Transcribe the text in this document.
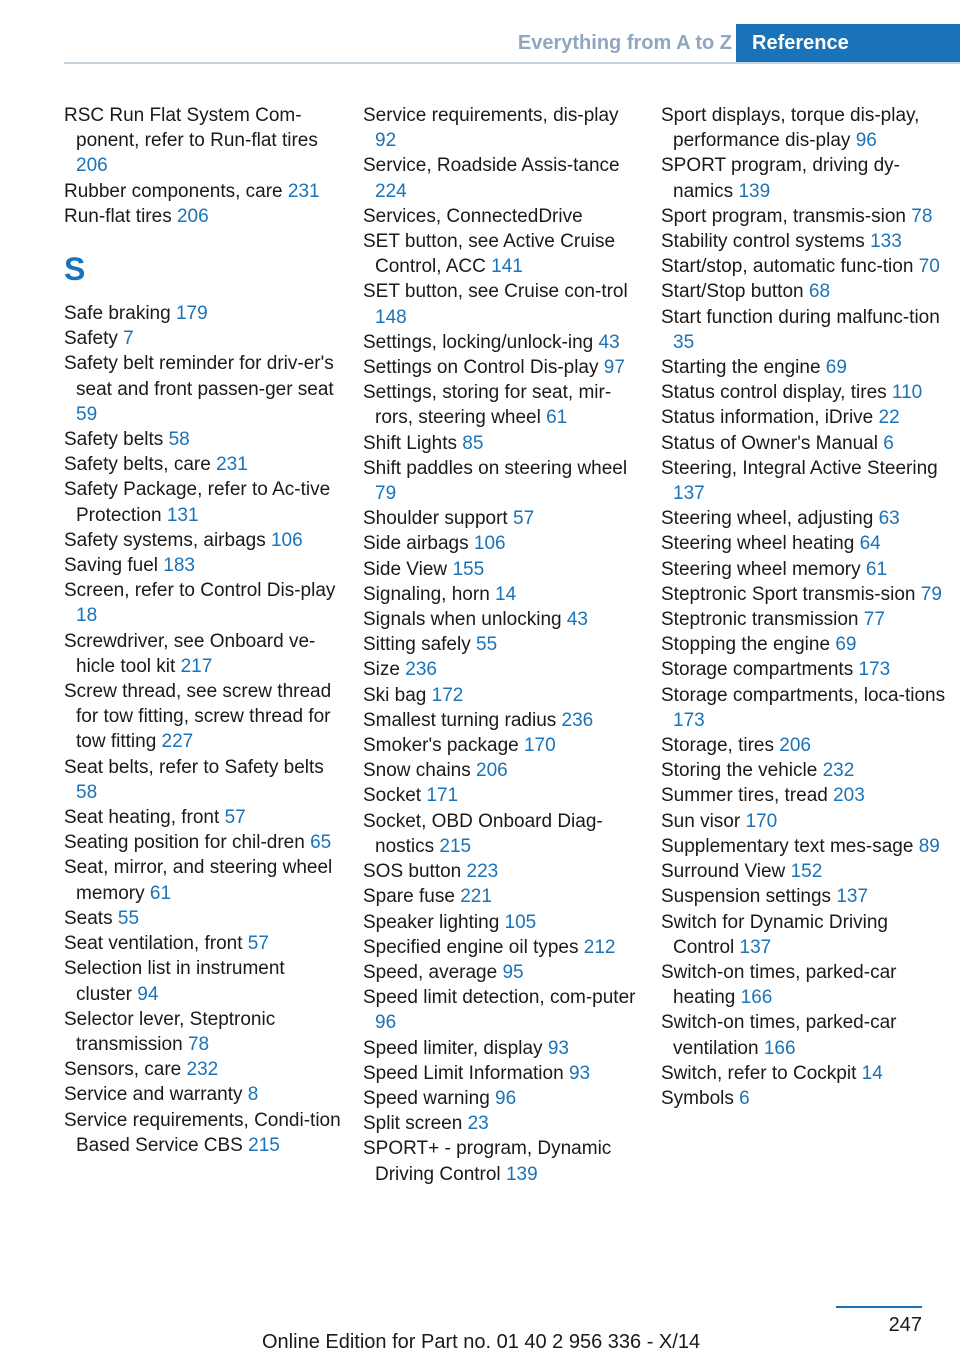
Everything from A to Z	Reference
RSC Run Flat System Com-ponent, refer to Run-flat tires 206
Rubber components, care 231
Run-flat tires 206
S
Safe braking 179
Safety 7
Safety belt reminder for driv-er's seat and front passen-ger seat 59
Safety belts 58
Safety belts, care 231
Safety Package, refer to Ac-tive Protection 131
Safety systems, airbags 106
Saving fuel 183
Screen, refer to Control Dis-play 18
Screwdriver, see Onboard ve-hicle tool kit 217
Screw thread, see screw thread for tow fitting, screw thread for tow fitting 227
Seat belts, refer to Safety belts 58
Seat heating, front 57
Seating position for chil-dren 65
Seat, mirror, and steering wheel memory 61
Seats 55
Seat ventilation, front 57
Selection list in instrument cluster 94
Selector lever, Steptronic transmission 78
Sensors, care 232
Service and warranty 8
Service requirements, Condi-tion Based Service CBS 215
Service requirements, dis-play 92
Service, Roadside Assis-tance 224
Services, ConnectedDrive
SET button, see Active Cruise Control, ACC 141
SET button, see Cruise con-trol 148
Settings, locking/unlock-ing 43
Settings on Control Dis-play 97
Settings, storing for seat, mir-rors, steering wheel 61
Shift Lights 85
Shift paddles on steering wheel 79
Shoulder support 57
Side airbags 106
Side View 155
Signaling, horn 14
Signals when unlocking 43
Sitting safely 55
Size 236
Ski bag 172
Smallest turning radius 236
Smoker's package 170
Snow chains 206
Socket 171
Socket, OBD Onboard Diag-nostics 215
SOS button 223
Spare fuse 221
Speaker lighting 105
Specified engine oil types 212
Speed, average 95
Speed limit detection, com-puter 96
Speed limiter, display 93
Speed Limit Information 93
Speed warning 96
Split screen 23
SPORT+ - program, Dynamic Driving Control 139
Sport displays, torque dis-play, performance dis-play 96
SPORT program, driving dy-namics 139
Sport program, transmis-sion 78
Stability control systems 133
Start/stop, automatic func-tion 70
Start/Stop button 68
Start function during malfunc-tion 35
Starting the engine 69
Status control display, tires 110
Status information, iDrive 22
Status of Owner's Manual 6
Steering, Integral Active Steering 137
Steering wheel, adjusting 63
Steering wheel heating 64
Steering wheel memory 61
Steptronic Sport transmis-sion 79
Steptronic transmission 77
Stopping the engine 69
Storage compartments 173
Storage compartments, loca-tions 173
Storage, tires 206
Storing the vehicle 232
Summer tires, tread 203
Sun visor 170
Supplementary text mes-sage 89
Surround View 152
Suspension settings 137
Switch for Dynamic Driving Control 137
Switch-on times, parked-car heating 166
Switch-on times, parked-car ventilation 166
Switch, refer to Cockpit 14
Symbols 6
247
Online Edition for Part no. 01 40 2 956 336 - X/14
